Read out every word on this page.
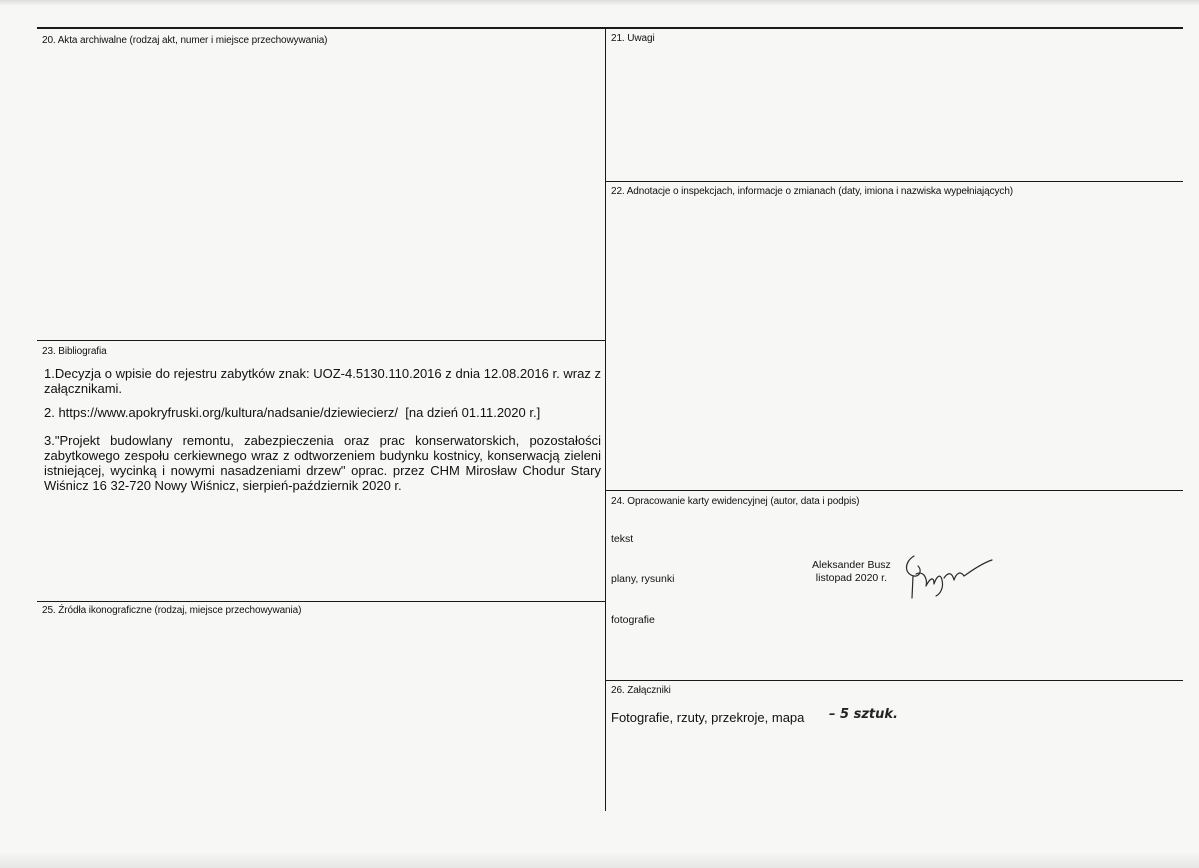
20. Akta archiwalne (rodzaj akt, numer i miejsce przechowywania)	21. Uwagi
22. Adnotacje o inspekcjach, informacje o zmianach (daty, imiona i nazwiska wypełniających)
23. Bibliografia
24. Opracowanie karty ewidencyjnej (autor, data i podpis)
25. Źródła ikonograficzne (rodzaj, miejsce przechowywania)
26. Załączniki
1.Decyzja o wpisie do rejestru zabytków znak: UOZ-4.5130.110.2016 z dnia 12.08.2016 r. wraz z załącznikami.
2. https://www.apokryfruski.org/kultura/nadsanie/dziewiecierz/  [na dzień 01.11.2020 r.]
3."Projekt budowlany remontu, zabezpieczenia oraz prac konserwatorskich, pozostałości zabytkowego zespołu cerkiewnego wraz z odtworzeniem budynku kostnicy, konserwacją zieleni istniejącej, wycinką i nowymi nasadzeniami drzew" oprac. przez CHM Mirosław Chodur Stary Wiśnicz 16 32-720 Nowy Wiśnicz, sierpień-październik 2020 r.
tekst
plany, rysunki
fotografie
Aleksander Busz
listopad 2020 r.
Fotografie, rzuty, przekroje, mapa – 5 sztuk.
